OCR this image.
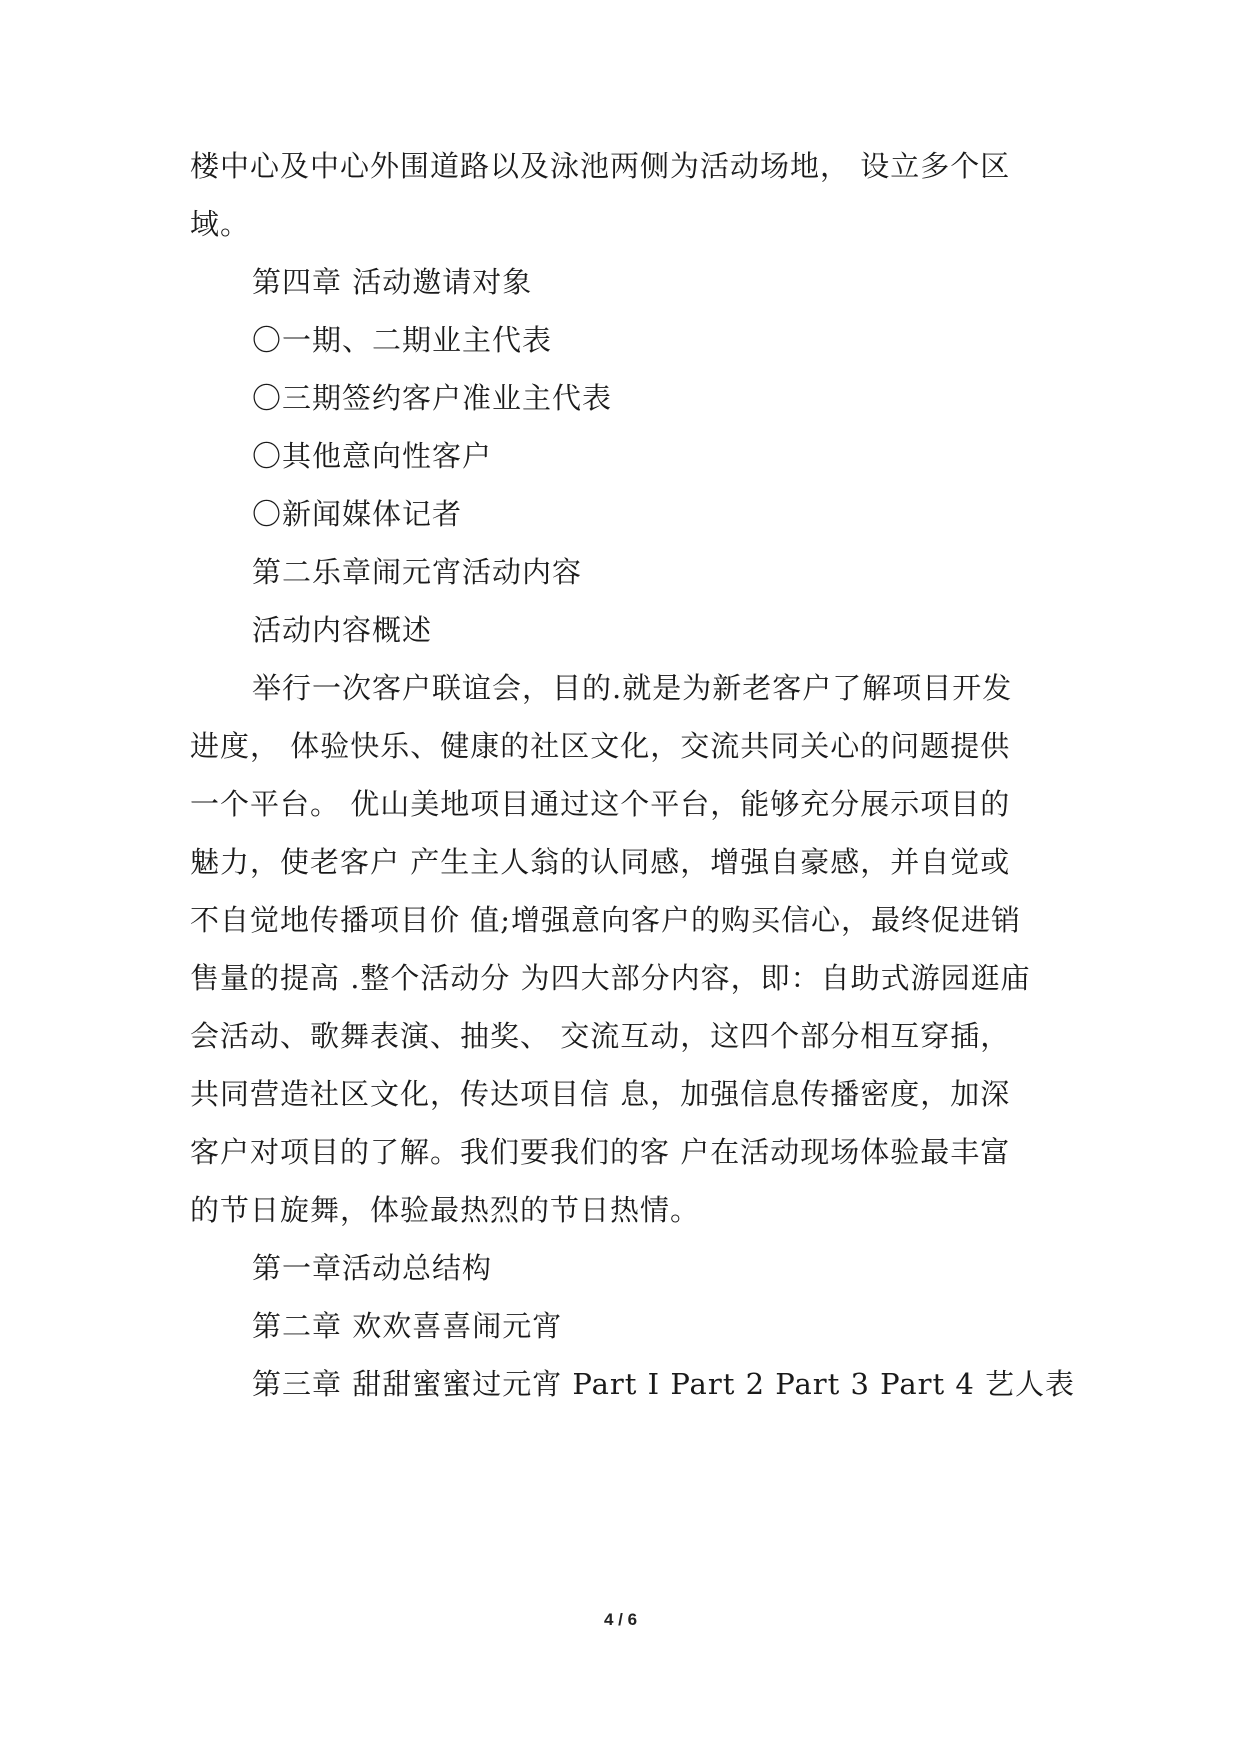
楼中心及中心外围道路以及泳池两侧为活动场地， 设立多个区
域。
第四章 活动邀请对象
〇一期、二期业主代表
〇三期签约客户准业主代表
〇其他意向性客户
〇新闻媒体记者
第二乐章闹元宵活动内容
活动内容概述
举行一次客户联谊会，目的.就是为新老客户了解项目开发
进度， 体验快乐、健康的社区文化，交流共同关心的问题提供
一个平台。 优山美地项目通过这个平台，能够充分展示项目的
魅力，使老客户 产生主人翁的认同感，增强自豪感，并自觉或
不自觉地传播项目价 值;增强意向客户的购买信心，最终促进销
售量的提高 .整个活动分 为四大部分内容，即：自助式游园逛庙
会活动、歌舞表演、抽奖、 交流互动，这四个部分相互穿插，
共同营造社区文化，传达项目信 息，加强信息传播密度，加深
客户对项目的了解。我们要我们的客 户在活动现场体验最丰富
的节日旋舞，体验最热烈的节日热情。
第一章活动总结构
第二章 欢欢喜喜闹元宵
第三章 甜甜蜜蜜过元宵 Part I Part 2 Part 3 Part 4 艺人表
4 / 6
